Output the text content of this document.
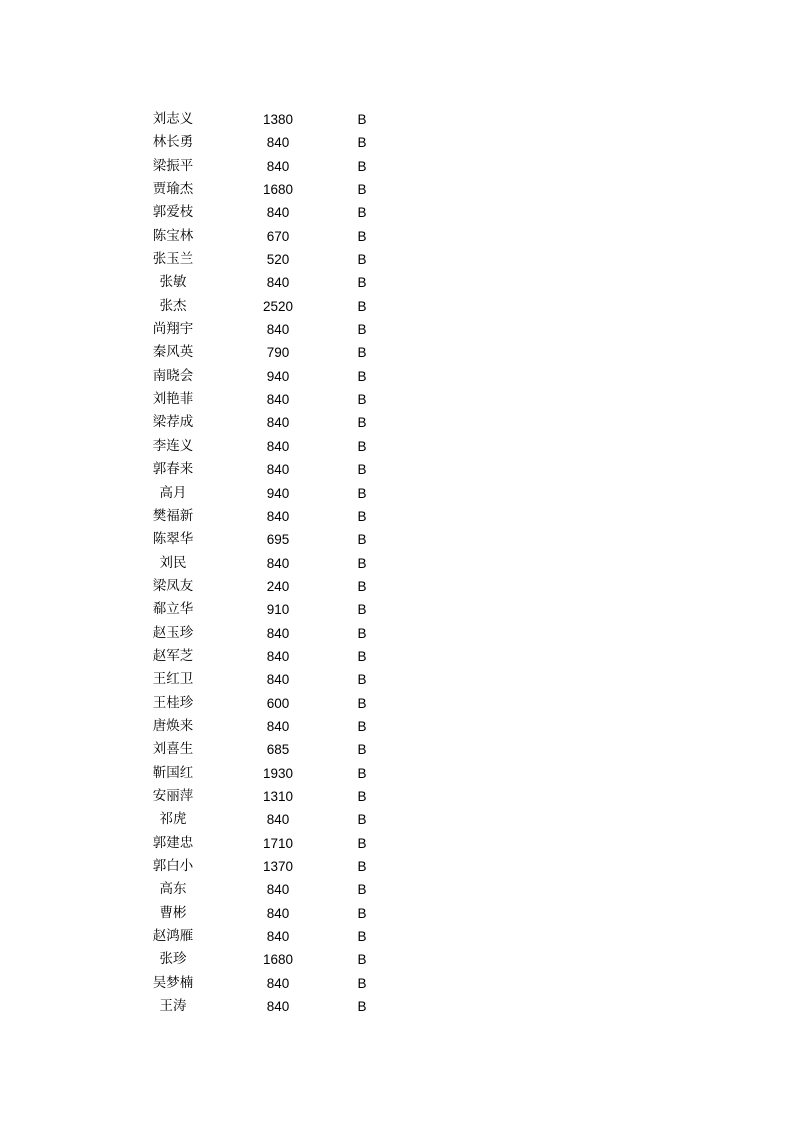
刘志义	1380	B
林长勇	840	B
梁振平	840	B
贾瑜杰	1680	B
郭爱枝	840	B
陈宝林	670	B
张玉兰	520	B
张敏	840	B
张杰	2520	B
尚翔宇	840	B
秦风英	790	B
南晓会	940	B
刘艳菲	840	B
梁荐成	840	B
李连义	840	B
郭春来	840	B
高月	940	B
樊福新	840	B
陈翠华	695	B
刘民	840	B
梁凤友	240	B
郗立华	910	B
赵玉珍	840	B
赵军芝	840	B
王红卫	840	B
王桂珍	600	B
唐焕来	840	B
刘喜生	685	B
靳国红	1930	B
安丽萍	1310	B
祁虎	840	B
郭建忠	1710	B
郭白小	1370	B
高东	840	B
曹彬	840	B
赵鸿雁	840	B
张珍	1680	B
吴梦楠	840	B
王涛	840	B
